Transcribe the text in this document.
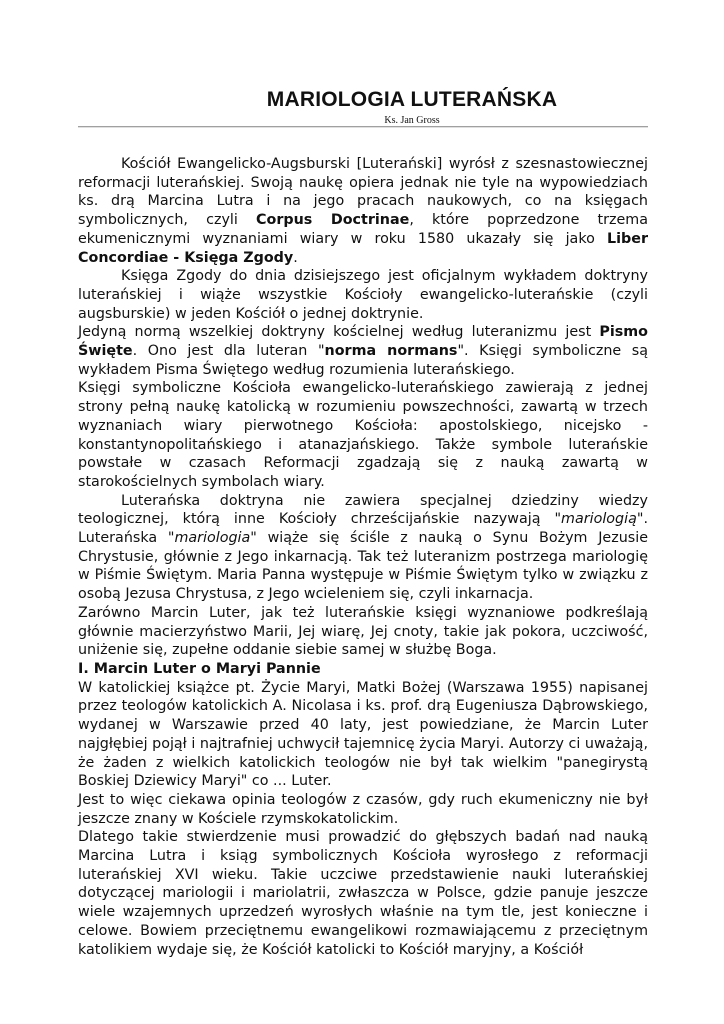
MARIOLOGIA LUTERAŃSKA
Ks. Jan Gross

Kościół Ewangelicko-Augsburski [Luterański] wyrósł z szesnastowiecznej reformacji luterańskiej. Swoją naukę opiera jednak nie tyle na wypowiedziach ks. drą Marcina Lutra i na jego pracach naukowych, co na księgach symbolicznych, czyli Corpus Doctrinae, które poprzedzone trzema ekumenicznymi wyznaniami wiary w roku 1580 ukazały się jako Liber Concordiae - Księga Zgody.

Księga Zgody do dnia dzisiejszego jest oficjalnym wykładem doktryny luterańskiej i wiąże wszystkie Kościoły ewangelicko-luterańskie (czyli augsburskie) w jeden Kościół o jednej doktrynie.

Jedyną normą wszelkiej doktryny kościelnej według luteranizmu jest Pismo Święte. Ono jest dla luteran "norma normans". Księgi symboliczne są wykładem Pisma Świętego według rozumienia luterańskiego.

Księgi symboliczne Kościoła ewangelicko-luterańskiego zawierają z jednej strony pełną naukę katolicką w rozumieniu powszechności, zawartą w trzech wyznaniach wiary pierwotnego Kościoła: apostolskiego, nicejsko - konstantynopolitańskiego i atanazjańskiego. Także symbole luterańskie powstałe w czasach Reformacji zgadzają się z nauką zawartą w starokościelnych symbolach wiary.

Luterańska doktryna nie zawiera specjalnej dziedziny wiedzy teologicznej, którą inne Kościoły chrześcijańskie nazywają "mariologią". Luterańska "mariologia" wiąże się ściśle z nauką o Synu Bożym Jezusie Chrystusie, głównie z Jego inkarnacją. Tak też luteranizm postrzega mariologię w Piśmie Świętym. Maria Panna występuje w Piśmie Świętym tylko w związku z osobą Jezusa Chrystusa, z Jego wcieleniem się, czyli inkarnacja.

Zarówno Marcin Luter, jak też luterańskie księgi wyznaniowe podkreślają głównie macierzyństwo Marii, Jej wiarę, Jej cnoty, takie jak pokora, uczciwość, uniżenie się, zupełne oddanie siebie samej w służbę Boga.

I. Marcin Luter o Maryi Pannie

W katolickiej książce pt. Życie Maryi, Matki Bożej (Warszawa 1955) napisanej przez teologów katolickich A. Nicolasa i ks. prof. drą Eugeniusza Dąbrowskiego, wydanej w Warszawie przed 40 laty, jest powiedziane, że Marcin Luter najgłębiej pojął i najtrafniej uchwycił tajemnicę życia Maryi. Autorzy ci uważają, że żaden z wielkich katolickich teologów nie był tak wielkim "panegirystą Boskiej Dziewicy Maryi" co ... Luter.

Jest to więc ciekawa opinia teologów z czasów, gdy ruch ekumeniczny nie był jeszcze znany w Kościele rzymskokatolickim.

Dlatego takie stwierdzenie musi prowadzić do głębszych badań nad nauką Marcina Lutra i ksiąg symbolicznych Kościoła wyrosłego z reformacji luterańskiej XVI wieku. Takie uczciwe przedstawienie nauki luterańskiej dotyczącej mariologii i mariolatrii, zwłaszcza w Polsce, gdzie panuje jeszcze wiele wzajemnych uprzedzeń wyrosłych właśnie na tym tle, jest konieczne i celowe. Bowiem przeciętnemu ewangelikowi rozmawiającemu z przeciętnym katolikiem wydaje się, że Kościół katolicki to Kościół maryjny, a Kościół
